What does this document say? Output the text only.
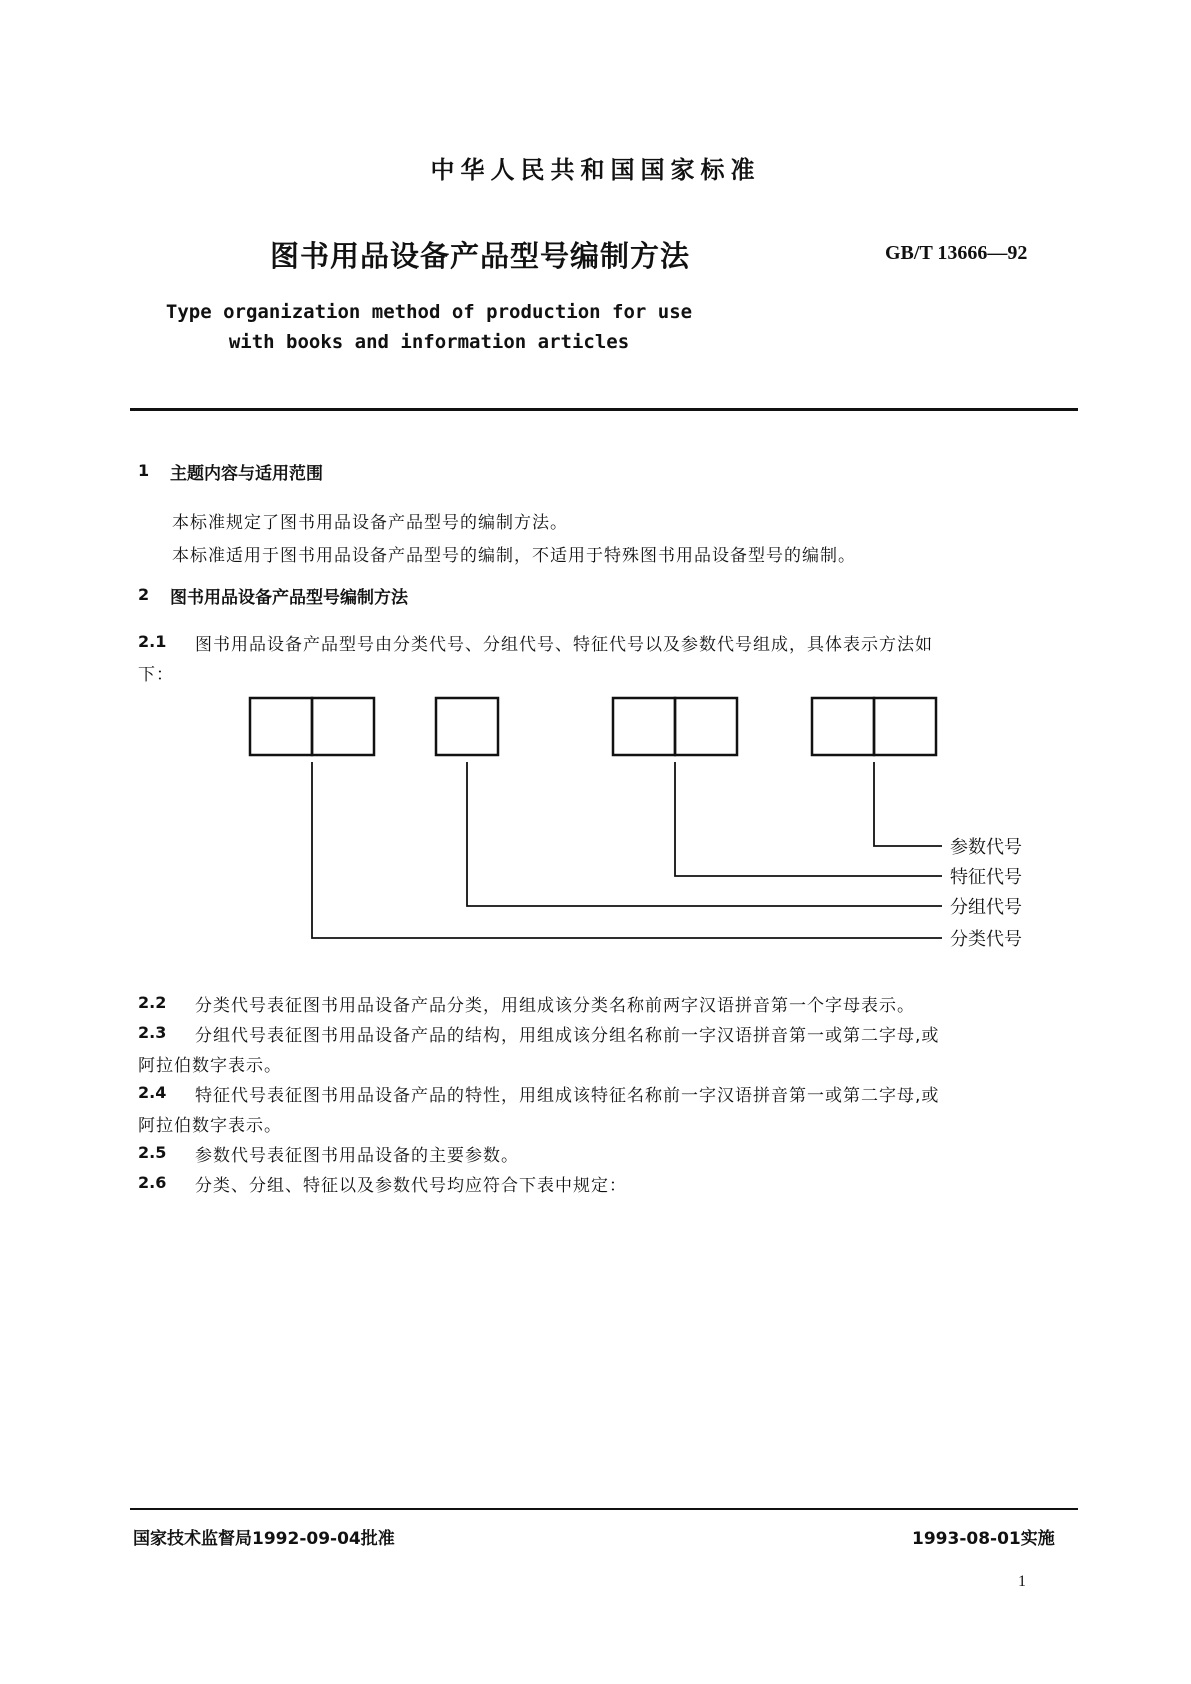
中华人民共和国国家标准
图书用品设备产品型号编制方法	GB/T 13666—92
Type organization method of production for use
with books and information articles
1 主题内容与适用范围
本标准规定了图书用品设备产品型号的编制方法。
本标准适用于图书用品设备产品型号的编制，不适用于特殊图书用品设备型号的编制。
2 图书用品设备产品型号编制方法
2.1 图书用品设备产品型号由分类代号、分组代号、特征代号以及参数代号组成，具体表示方法如
下：
参数代号
特征代号
分组代号
分类代号
2.2 分类代号表征图书用品设备产品分类，用组成该分类名称前两字汉语拼音第一个字母表示。
2.3 分组代号表征图书用品设备产品的结构，用组成该分组名称前一字汉语拼音第一或第二字母,或
阿拉伯数字表示。
2.4 特征代号表征图书用品设备产品的特性，用组成该特征名称前一字汉语拼音第一或第二字母,或
阿拉伯数字表示。
2.5 参数代号表征图书用品设备的主要参数。
2.6 分类、分组、特征以及参数代号均应符合下表中规定：
国家技术监督局1992-09-04批准	1993-08-01实施
1
